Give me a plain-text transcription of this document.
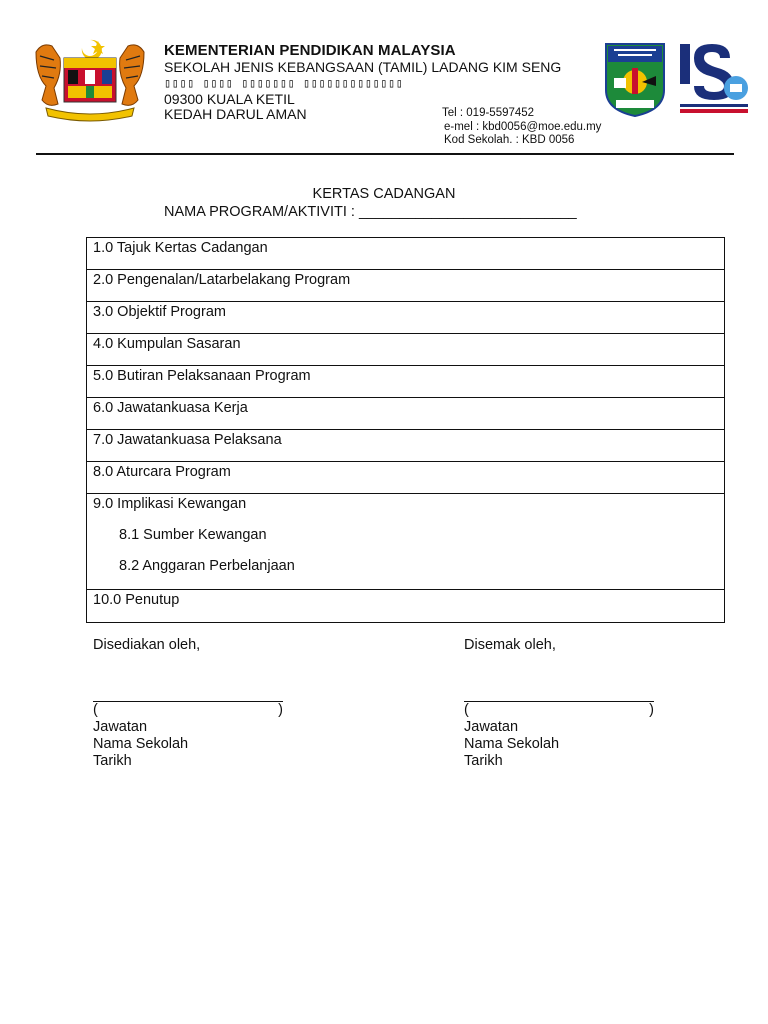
KEMENTERIAN PENDIDIKAN MALAYSIA
SEKOLAH JENIS KEBANGSAAN (TAMIL) LADANG KIM SENG
▯▯▯▯ ▯▯▯▯ ▯▯▯▯▯▯▯ ▯▯▯▯▯▯▯▯▯▯▯▯▯
09300 KUALA KETIL
KEDAH DARUL AMAN	Tel : 019-5597452
e-mel : kbd0056@moe.edu.my
Kod Sekolah. : KBD 0056
KERTAS CADANGAN
NAMA PROGRAM/AKTIVITI : ___________________________
1.0 Tajuk Kertas Cadangan
2.0 Pengenalan/Latarbelakang Program
3.0 Objektif Program
4.0 Kumpulan Sasaran
5.0 Butiran Pelaksanaan Program
6.0 Jawatankuasa Kerja
7.0 Jawatankuasa Pelaksana
8.0 Aturcara Program
9.0 Implikasi Kewangan
8.1 Sumber Kewangan
8.2 Anggaran Perbelanjaan
10.0 Penutup
Disediakan oleh,
(	)
Jawatan
Nama Sekolah
Tarikh
Disemak oleh,
(	)
Jawatan
Nama Sekolah
Tarikh
